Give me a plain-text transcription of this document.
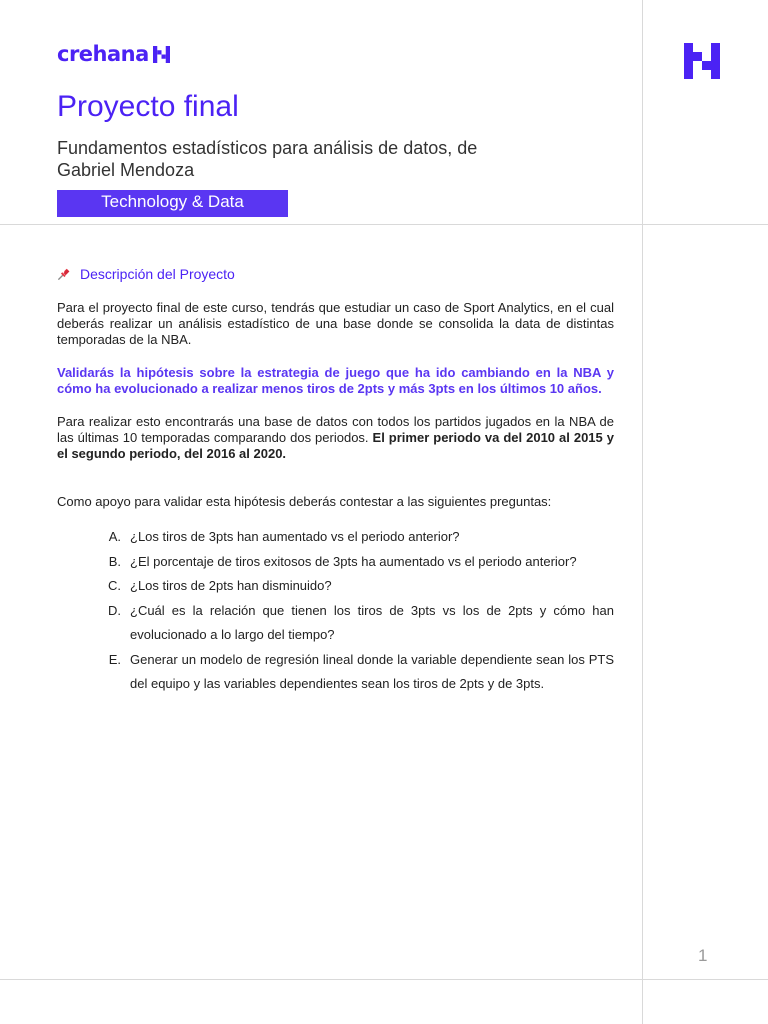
crehana
Proyecto final

Fundamentos estadísticos para análisis de datos, de Gabriel Mendoza

Technology & Data
Descripción del Proyecto

Para el proyecto final de este curso, tendrás que estudiar un caso de Sport Analytics, en el cual deberás realizar un análisis estadístico de una base donde se consolida la data de distintas temporadas de la NBA.

Validarás la hipótesis sobre la estrategia de juego que ha ido cambiando en la NBA y cómo ha evolucionado a realizar menos tiros de 2pts y más 3pts en los últimos 10 años.

Para realizar esto encontrarás una base de datos con todos los partidos jugados en la NBA de las últimas 10 temporadas comparando dos periodos. El primer periodo va del 2010 al 2015 y el segundo periodo, del 2016 al 2020.

Como apoyo para validar esta hipótesis deberás contestar a las siguientes preguntas:

A. ¿Los tiros de 3pts han aumentado vs el periodo anterior?
B. ¿El porcentaje de tiros exitosos de 3pts ha aumentado vs el periodo anterior?
C. ¿Los tiros de 2pts han disminuido?
D. ¿Cuál es la relación que tienen los tiros de 3pts vs los de 2pts y cómo han evolucionado a lo largo del tiempo?
E. Generar un modelo de regresión lineal donde la variable dependiente sean los PTS del equipo y las variables dependientes sean los tiros de 2pts y de 3pts.
1
